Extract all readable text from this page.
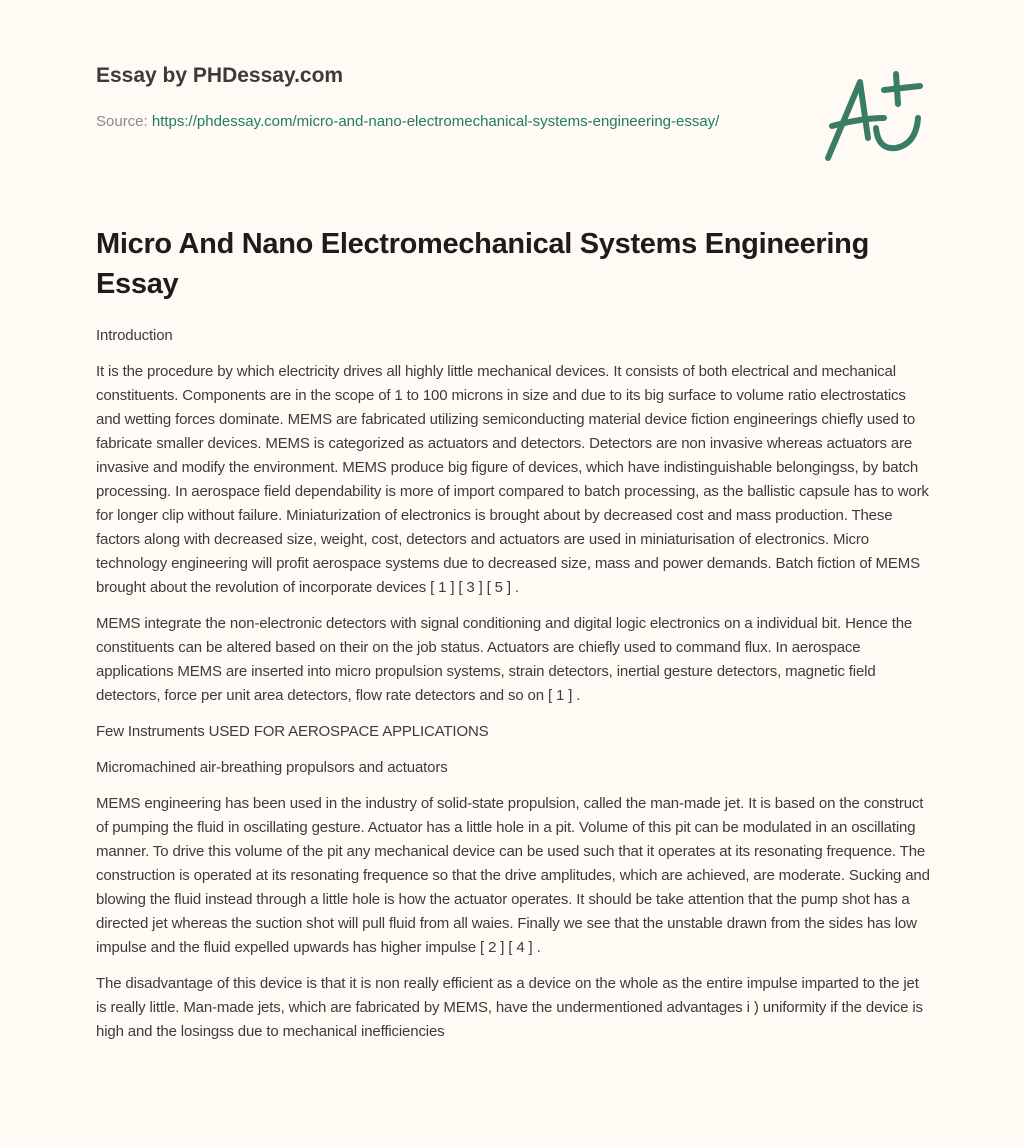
Essay by PHDessay.com
Source: https://phdessay.com/micro-and-nano-electromechanical-systems-engineering-essay/
Micro And Nano Electromechanical Systems Engineering Essay

Introduction

It is the procedure by which electricity drives all highly little mechanical devices. It consists of both electrical and mechanical constituents. Components are in the scope of 1 to 100 microns in size and due to its big surface to volume ratio electrostatics and wetting forces dominate. MEMS are fabricated utilizing semiconducting material device fiction engineerings chiefly used to fabricate smaller devices. MEMS is categorized as actuators and detectors. Detectors are non invasive whereas actuators are invasive and modify the environment. MEMS produce big figure of devices, which have indistinguishable belongingss, by batch processing. In aerospace field dependability is more of import compared to batch processing, as the ballistic capsule has to work for longer clip without failure. Miniaturization of electronics is brought about by decreased cost and mass production. These factors along with decreased size, weight, cost, detectors and actuators are used in miniaturisation of electronics. Micro technology engineering will profit aerospace systems due to decreased size, mass and power demands. Batch fiction of MEMS brought about the revolution of incorporate devices [ 1 ] [ 3 ] [ 5 ] .

MEMS integrate the non-electronic detectors with signal conditioning and digital logic electronics on a individual bit. Hence the constituents can be altered based on their on the job status. Actuators are chiefly used to command flux. In aerospace applications MEMS are inserted into micro propulsion systems, strain detectors, inertial gesture detectors, magnetic field detectors, force per unit area detectors, flow rate detectors and so on [ 1 ] .

Few Instruments USED FOR AEROSPACE APPLICATIONS

Micromachined air-breathing propulsors and actuators

MEMS engineering has been used in the industry of solid-state propulsion, called the man-made jet. It is based on the construct of pumping the fluid in oscillating gesture. Actuator has a little hole in a pit. Volume of this pit can be modulated in an oscillating manner. To drive this volume of the pit any mechanical device can be used such that it operates at its resonating frequence. The construction is operated at its resonating frequence so that the drive amplitudes, which are achieved, are moderate. Sucking and blowing the fluid instead through a little hole is how the actuator operates. It should be take attention that the pump shot has a directed jet whereas the suction shot will pull fluid from all waies. Finally we see that the unstable drawn from the sides has low impulse and the fluid expelled upwards has higher impulse [ 2 ] [ 4 ] .

The disadvantage of this device is that it is non really efficient as a device on the whole as the entire impulse imparted to the jet is really little. Man-made jets, which are fabricated by MEMS, have the undermentioned advantages i ) uniformity if the device is high and the losingss due to mechanical inefficiencies
